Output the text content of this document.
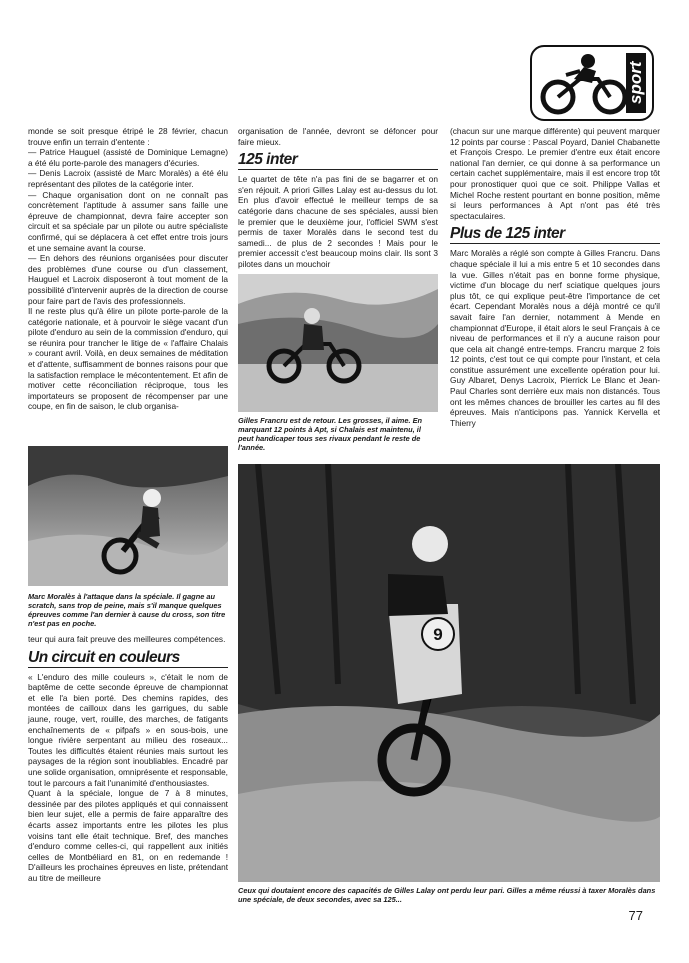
sport

monde se soit presque étripé le 28 février, chacun trouve enfin un terrain d'entente :

— Patrice Hauguel (assisté de Dominique Lemagne) a été élu porte-parole des managers d'écuries.

— Denis Lacroix (assisté de Marc Moralès) a été élu représentant des pilotes de la catégorie inter.

— Chaque organisation dont on ne connaît pas concrètement l'aptitude à assumer sans faille une épreuve de championnat, devra faire accepter son circuit et sa spéciale par un pilote ou autre spécialiste confirmé, qui se déplacera à cet effet entre trois jours et une semaine avant la course.

— En dehors des réunions organisées pour discuter des problèmes d'une course ou d'un classement, Hauguel et Lacroix disposeront à tout moment de la possibilité d'intervenir auprès de la direction de course pour faire part de l'avis des professionnels.

Il ne reste plus qu'à élire un pilote porte-parole de la catégorie nationale, et à pourvoir le siège vacant d'un pilote d'enduro au sein de la commission d'enduro, qui se réunira pour trancher le litige de « l'affaire Chalais » courant avril. Voilà, en deux semaines de méditation et d'attente, suffisamment de bonnes raisons pour que la satisfaction remplace le mécontentement. Et afin de motiver cette réconciliation réciproque, tous les importateurs se proposent de récompenser par une coupe, en fin de saison, le club organisa-

Marc Moralès à l'attaque dans la spéciale. Il gagne au scratch, sans trop de peine, mais s'il manque quelques épreuves comme l'an dernier à cause du cross, son titre n'est pas en poche.

teur qui aura fait preuve des meilleures compétences.

Un circuit en couleurs

« L'enduro des mille couleurs », c'était le nom de baptême de cette seconde épreuve de championnat et elle l'a bien porté. Des chemins rapides, des montées de cailloux dans les garrigues, du sable jaune, rouge, vert, rouille, des marches, de fatigants enchaînements de « pifpafs » en sous-bois, une longue rivière serpentant au milieu des roseaux... Toutes les difficultés étaient réunies mais surtout les paysages de la région sont inoubliables. Encadré par une solide organisation, omniprésente et responsable, tout le parcours a fait l'unanimité d'enthousiastes.

Quant à la spéciale, longue de 7 à 8 minutes, dessinée par des pilotes appliqués et qui connaissent bien leur sujet, elle a permis de faire apparaître des écarts assez importants entre les pilotes les plus voisins tant elle était technique. Bref, des manches d'enduro comme celles-ci, qui rappellent aux initiés celles de Montbéliard en 81, on en redemande ! D'ailleurs les prochaines épreuves en liste, prétendant au titre de meilleure

organisation de l'année, devront se défoncer pour faire mieux.

125 inter

Le quartet de tête n'a pas fini de se bagarrer et on s'en réjouit. A priori Gilles Lalay est au-dessus du lot. En plus d'avoir effectué le meilleur temps de sa catégorie dans chacune de ses spéciales, aussi bien le premier que le deuxième jour, l'officiel SWM s'est permis de taxer Moralès dans le second test du samedi... de plus de 2 secondes ! Mais pour le premier accessit c'est beaucoup moins clair. Ils sont 3 pilotes dans un mouchoir

Gilles Francru est de retour. Les grosses, il aime. En marquant 12 points à Apt, si Chalais est maintenu, il peut handicaper tous ses rivaux pendant le reste de l'année.

(chacun sur une marque différente) qui peuvent marquer 12 points par course : Pascal Poyard, Daniel Chabanette et François Crespo. Le premier d'entre eux était encore national l'an dernier, ce qui donne à sa performance un certain cachet supplémentaire, mais il est encore trop tôt pour pronostiquer quoi que ce soit. Philippe Vallas et Michel Roche restent pourtant en bonne position, même si leurs performances à Apt n'ont pas été très spectaculaires.

Plus de 125 inter

Marc Moralès a réglé son compte à Gilles Francru. Dans chaque spéciale il lui a mis entre 5 et 10 secondes dans la vue. Gilles n'était pas en bonne forme physique, victime d'un blocage du nerf sciatique quelques jours plus tôt, ce qui explique peut-être l'importance de cet écart. Cependant Moralès nous a déjà montré ce qu'il savait faire l'an dernier, notamment à Mende en championnat d'Europe, il était alors le seul Français à ce niveau de performances et il n'y a aucune raison pour que cela ait changé entre-temps. Francru marque 2 fois 12 points, c'est tout ce qui compte pour l'instant, et cela constitue assurément une excellente opération pour lui. Guy Albaret, Denys Lacroix, Pierrick Le Blanc et Jean-Paul Charles sont derrière eux mais non distancés. Tous ont les mêmes chances de brouiller les cartes au fil des épreuves. Mais n'anticipons pas. Yannick Kervella et Thierry

9
Ceux qui doutaient encore des capacités de Gilles Lalay ont perdu leur pari. Gilles a même réussi à taxer Moralès dans une spéciale, de deux secondes, avec sa 125...
77
